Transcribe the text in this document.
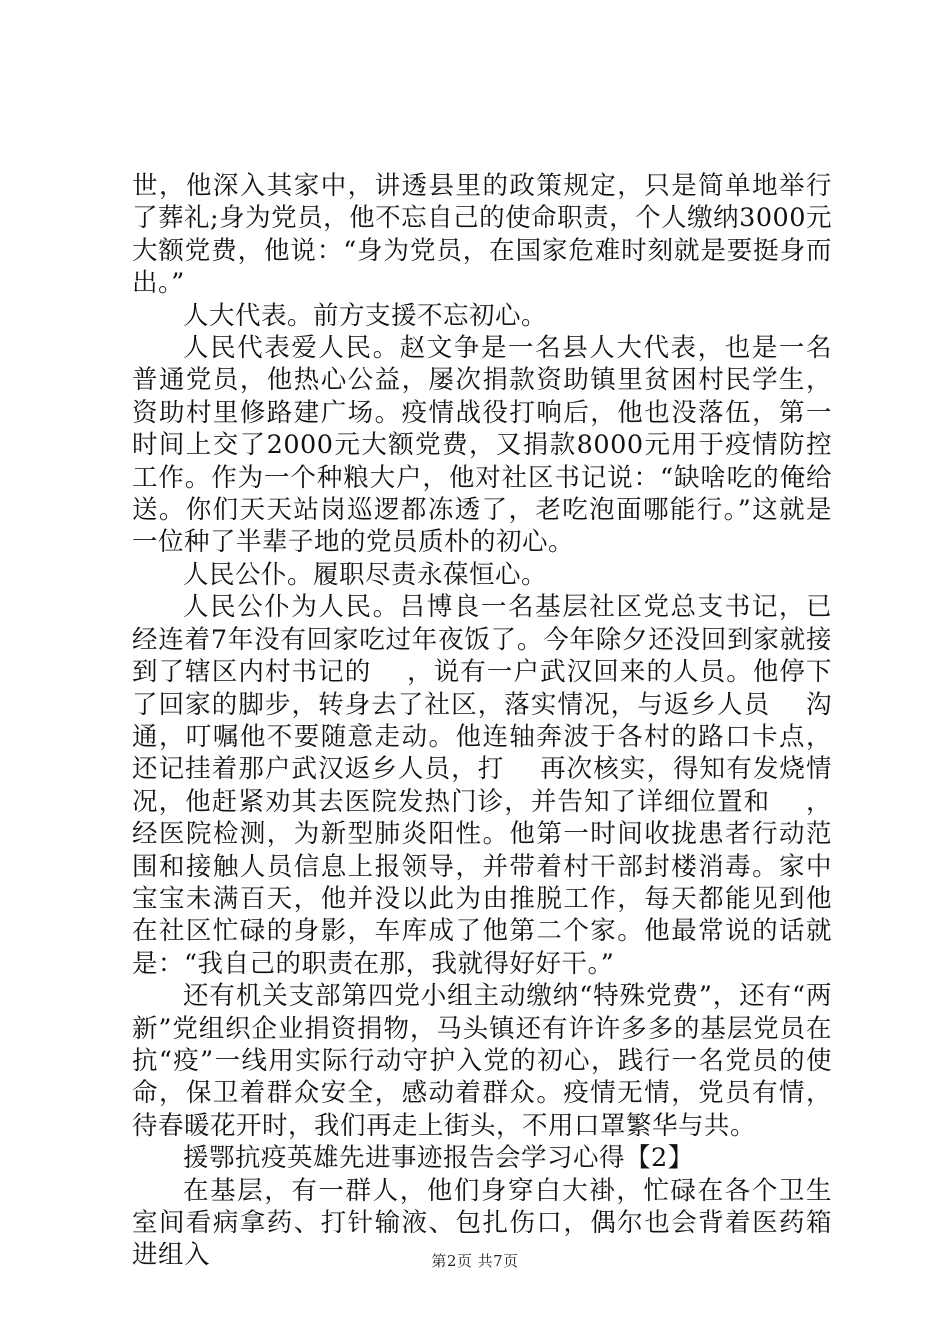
世，他深入其家中，讲透县里的政策规定，只是简单地举行了葬礼;身为党员，他不忘自己的使命职责，个人缴纳3000元大额党费，他说：“身为党员，在国家危难时刻就是要挺身而出。”

人大代表。前方支援不忘初心。

人民代表爱人民。赵文争是一名县人大代表，也是一名普通党员，他热心公益，屡次捐款资助镇里贫困村民学生，资助村里修路建广场。疫情战役打响后，他也没落伍，第一时间上交了2000元大额党费，又捐款8000元用于疫情防控工作。作为一个种粮大户，他对社区书记说：“缺啥吃的俺给送。你们天天站岗巡逻都冻透了，老吃泡面哪能行。”这就是一位种了半辈子地的党员质朴的初心。

人民公仆。履职尽责永葆恒心。

人民公仆为人民。吕博良一名基层社区党总支书记，已经连着7年没有回家吃过年夜饭了。今年除夕还没回到家就接到了辖区内村书记的　 ，说有一户武汉回来的人员。他停下了回家的脚步，转身去了社区，落实情况，与返乡人员　 沟通，叮嘱他不要随意走动。他连轴奔波于各村的路口卡点，还记挂着那户武汉返乡人员，打　 再次核实，得知有发烧情况，他赶紧劝其去医院发热门诊，并告知了详细位置和　 ，经医院检测，为新型肺炎阳性。他第一时间收拢患者行动范围和接触人员信息上报领导，并带着村干部封楼消毒。家中宝宝未满百天，他并没以此为由推脱工作，每天都能见到他在社区忙碌的身影，车库成了他第二个家。他最常说的话就是：“我自己的职责在那，我就得好好干。”

还有机关支部第四党小组主动缴纳“特殊党费”，还有“两新”党组织企业捐资捐物，马头镇还有许许多多的基层党员在抗“疫”一线用实际行动守护入党的初心，践行一名党员的使命，保卫着群众安全，感动着群众。疫情无情，党员有情，待春暖花开时，我们再走上街头，不用口罩繁华与共。

援鄂抗疫英雄先进事迹报告会学习心得【2】

在基层，有一群人，他们身穿白大褂，忙碌在各个卫生室间看病拿药、打针输液、包扎伤口，偶尔也会背着医药箱进组入	第2页 共7页
